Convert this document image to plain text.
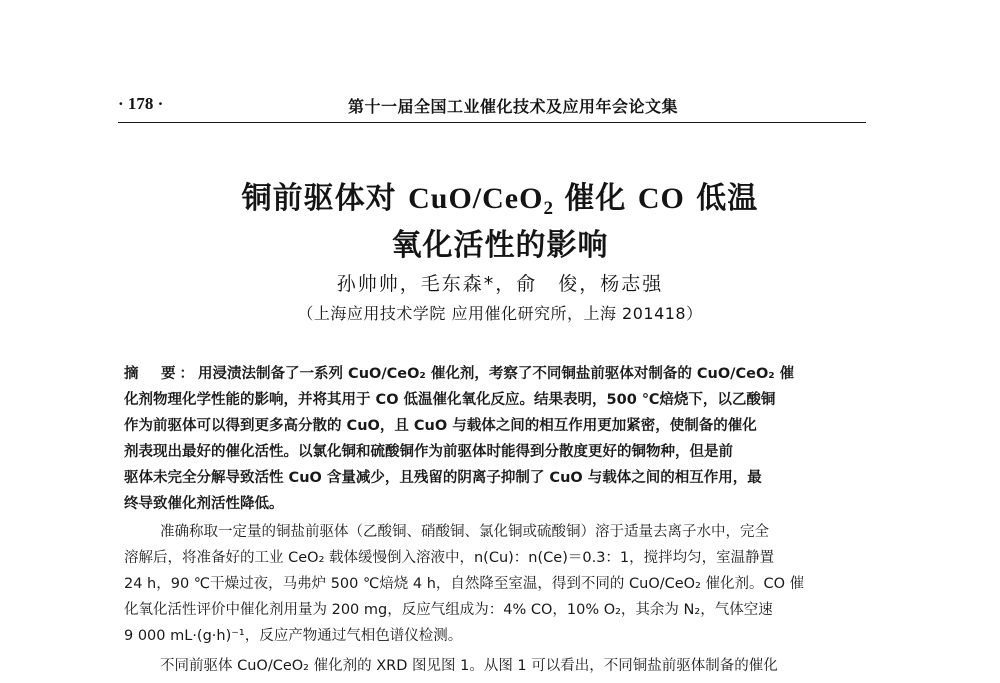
· 178 ·	第十一届全国工业催化技术及应用年会论文集
铜前驱体对 CuO/CeO$_2$ 催化 CO 低温
氧化活性的影响
孙帅帅，毛东森*，俞　俊，杨志强
（上海应用技术学院 应用催化研究所，上海 201418）
摘　要：用浸渍法制备了一系列 CuO/CeO₂ 催化剂，考察了不同铜盐前驱体对制备的 CuO/CeO₂ 催
化剂物理化学性能的影响，并将其用于 CO 低温催化氧化反应。结果表明，500 ℃焙烧下，以乙酸铜
作为前驱体可以得到更多高分散的 CuO，且 CuO 与载体之间的相互作用更加紧密，使制备的催化
剂表现出最好的催化活性。以氯化铜和硫酸铜作为前驱体时能得到分散度更好的铜物种，但是前
驱体未完全分解导致活性 CuO 含量减少，且残留的阴离子抑制了 CuO 与载体之间的相互作用，最
终导致催化剂活性降低。
准确称取一定量的铜盐前驱体（乙酸铜、硝酸铜、氯化铜或硫酸铜）溶于适量去离子水中，完全
溶解后，将准备好的工业 CeO₂ 载体缓慢倒入溶液中，n(Cu)：n(Ce)＝0.3：1，搅拌均匀，室温静置
24 h，90 ℃干燥过夜，马弗炉 500 ℃焙烧 4 h，自然降至室温，得到不同的 CuO/CeO₂ 催化剂。CO 催
化氧化活性评价中催化剂用量为 200 mg，反应气组成为：4% CO，10% O₂，其余为 N₂，气体空速
9 000 mL·(g·h)⁻¹，反应产物通过气相色谱仪检测。
不同前驱体 CuO/CeO₂ 催化剂的 XRD 图见图 1。从图 1 可以看出，不同铜盐前驱体制备的催化
